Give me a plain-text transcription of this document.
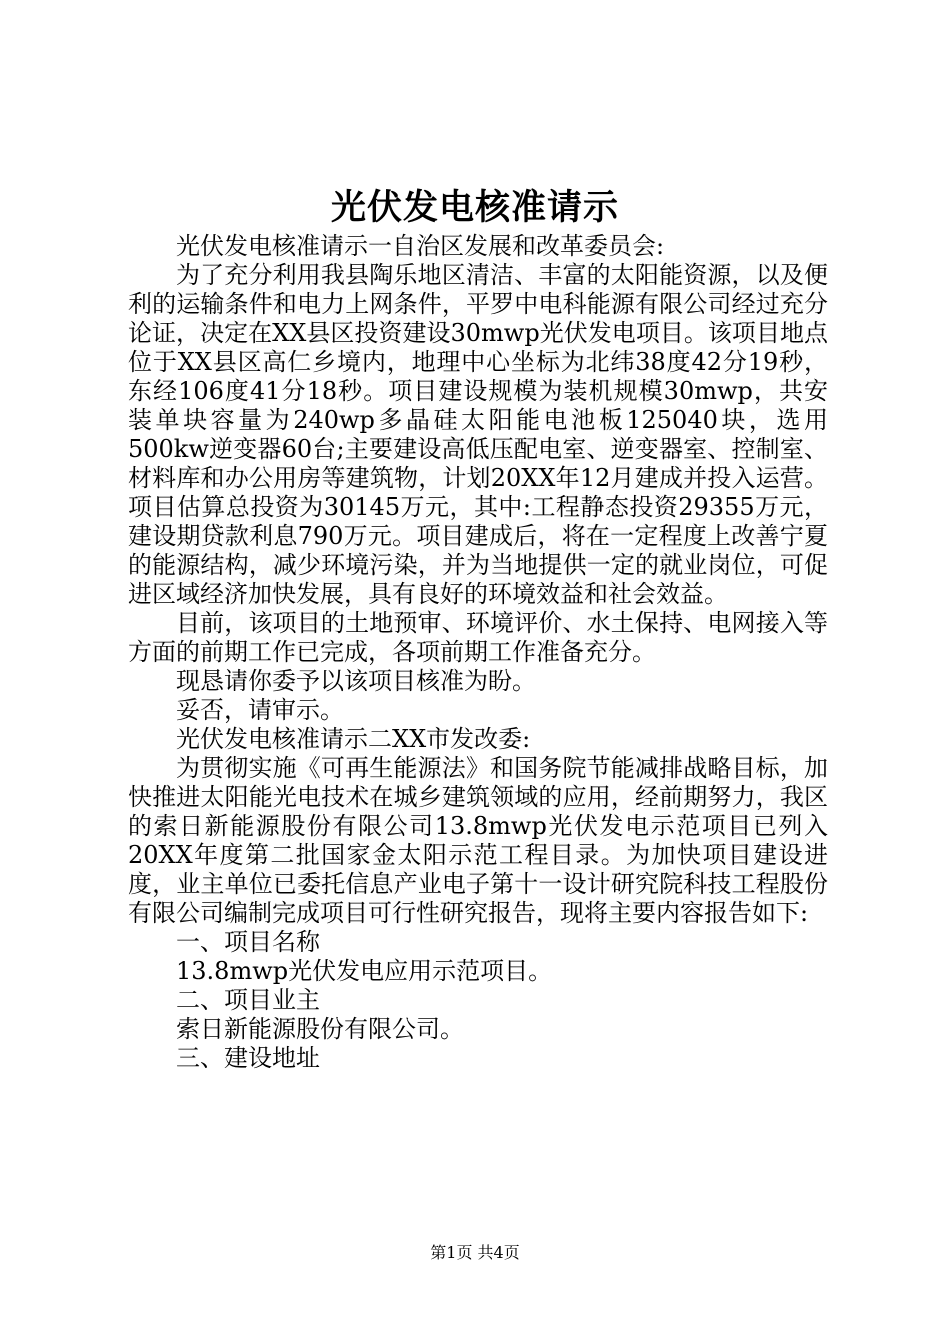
光伏发电核准请示

光伏发电核准请示一自治区发展和改革委员会:

为了充分利用我县陶乐地区清洁、丰富的太阳能资源，以及便利的运输条件和电力上网条件，平罗中电科能源有限公司经过充分论证，决定在XX县区投资建设30mwp光伏发电项目。该项目地点位于XX县区高仁乡境内，地理中心坐标为北纬38度42分19秒，东经106度41分18秒。项目建设规模为装机规模30mwp，共安装单块容量为240wp多晶硅太阳能电池板125040块，选用500kw逆变器60台;主要建设高低压配电室、逆变器室、控制室、材料库和办公用房等建筑物，计划20XX年12月建成并投入运营。项目估算总投资为30145万元，其中:工程静态投资29355万元，建设期贷款利息790万元。项目建成后，将在一定程度上改善宁夏的能源结构，减少环境污染，并为当地提供一定的就业岗位，可促进区域经济加快发展，具有良好的环境效益和社会效益。

目前，该项目的土地预审、环境评价、水土保持、电网接入等方面的前期工作已完成，各项前期工作准备充分。

现恳请你委予以该项目核准为盼。

妥否，请审示。

光伏发电核准请示二XX市发改委:

为贯彻实施《可再生能源法》和国务院节能减排战略目标，加快推进太阳能光电技术在城乡建筑领域的应用，经前期努力，我区的索日新能源股份有限公司13.8mwp光伏发电示范项目已列入20XX年度第二批国家金太阳示范工程目录。为加快项目建设进度，业主单位已委托信息产业电子第十一设计研究院科技工程股份有限公司编制完成项目可行性研究报告，现将主要内容报告如下:

一、项目名称

13.8mwp光伏发电应用示范项目。

二、项目业主

索日新能源股份有限公司。

三、建设地址

第1页 共4页
